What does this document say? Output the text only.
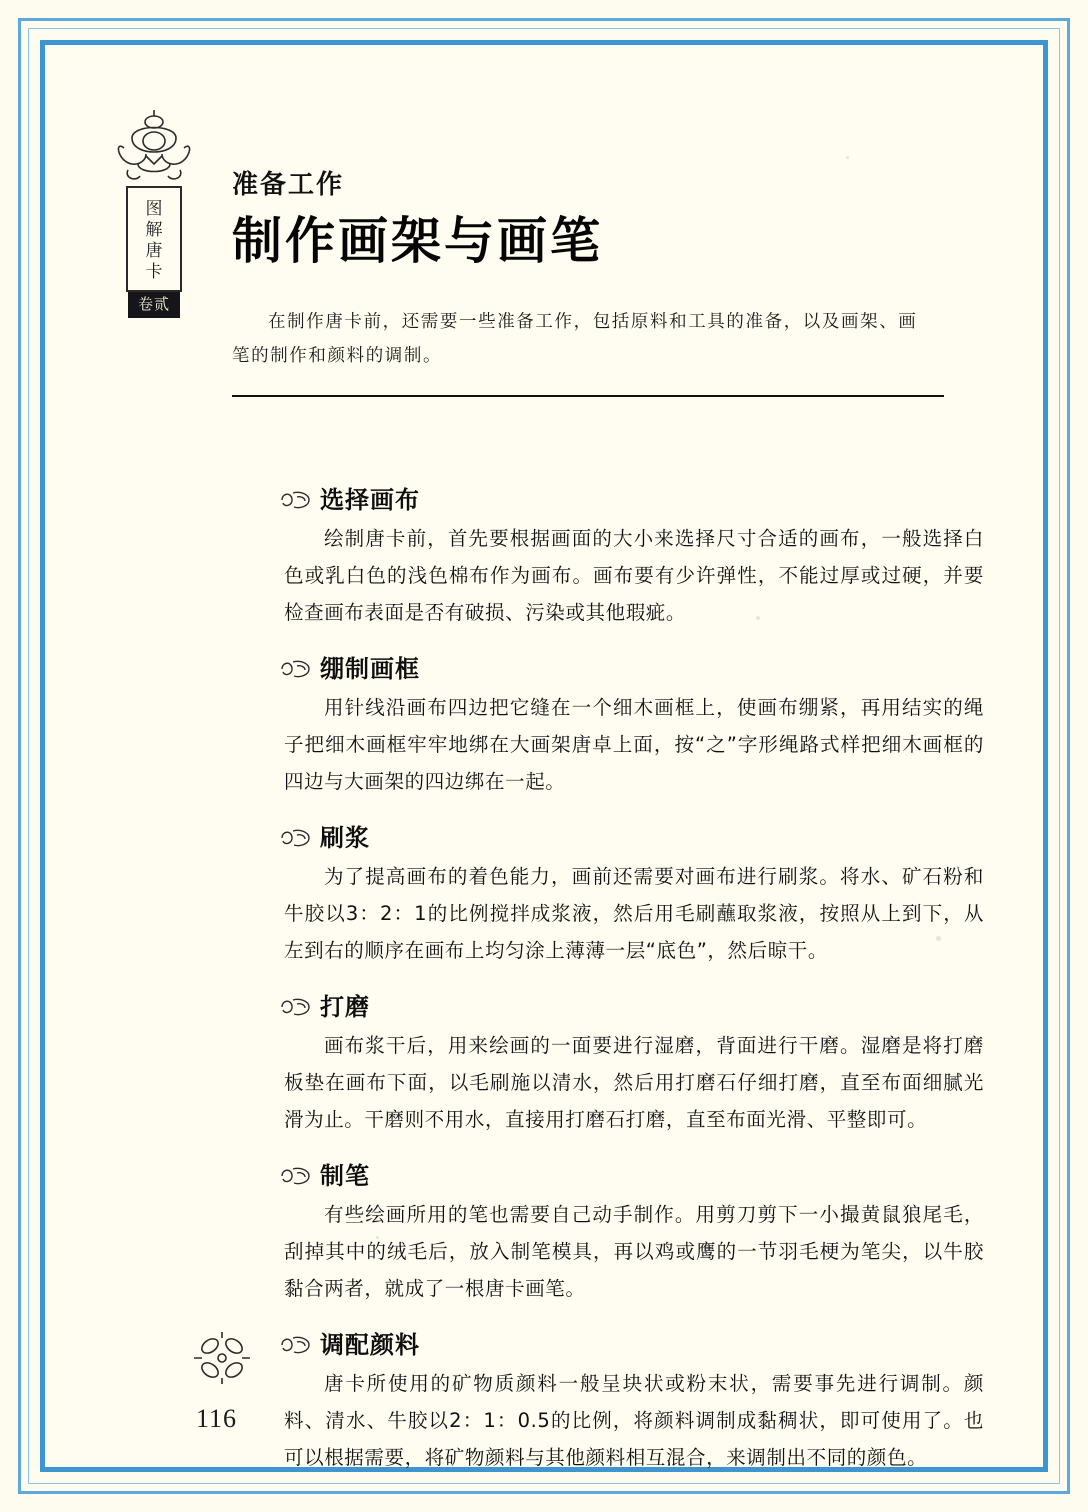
图
解
唐
卡
卷贰
准备工作
制作画架与画笔
在制作唐卡前，还需要一些准备工作，包括原料和工具的准备，以及画架、画笔的制作和颜料的调制。
选择画布
绘制唐卡前，首先要根据画面的大小来选择尺寸合适的画布，一般选择白色或乳白色的浅色棉布作为画布。画布要有少许弹性，不能过厚或过硬，并要检查画布表面是否有破损、污染或其他瑕疵。
绷制画框
用针线沿画布四边把它缝在一个细木画框上，使画布绷紧，再用结实的绳子把细木画框牢牢地绑在大画架唐卓上面，按“之”字形绳路式样把细木画框的四边与大画架的四边绑在一起。
刷浆
为了提高画布的着色能力，画前还需要对画布进行刷浆。将水、矿石粉和牛胶以3：2：1的比例搅拌成浆液，然后用毛刷蘸取浆液，按照从上到下，从左到右的顺序在画布上均匀涂上薄薄一层“底色”，然后晾干。
打磨
画布浆干后，用来绘画的一面要进行湿磨，背面进行干磨。湿磨是将打磨板垫在画布下面，以毛刷施以清水，然后用打磨石仔细打磨，直至布面细腻光滑为止。干磨则不用水，直接用打磨石打磨，直至布面光滑、平整即可。
制笔
有些绘画所用的笔也需要自己动手制作。用剪刀剪下一小撮黄鼠狼尾毛，刮掉其中的绒毛后，放入制笔模具，再以鸡或鹰的一节羽毛梗为笔尖，以牛胶黏合两者，就成了一根唐卡画笔。
调配颜料
唐卡所使用的矿物质颜料一般呈块状或粉末状，需要事先进行调制。颜料、清水、牛胶以2：1：0.5的比例，将颜料调制成黏稠状，即可使用了。也可以根据需要，将矿物颜料与其他颜料相互混合，来调制出不同的颜色。
116
